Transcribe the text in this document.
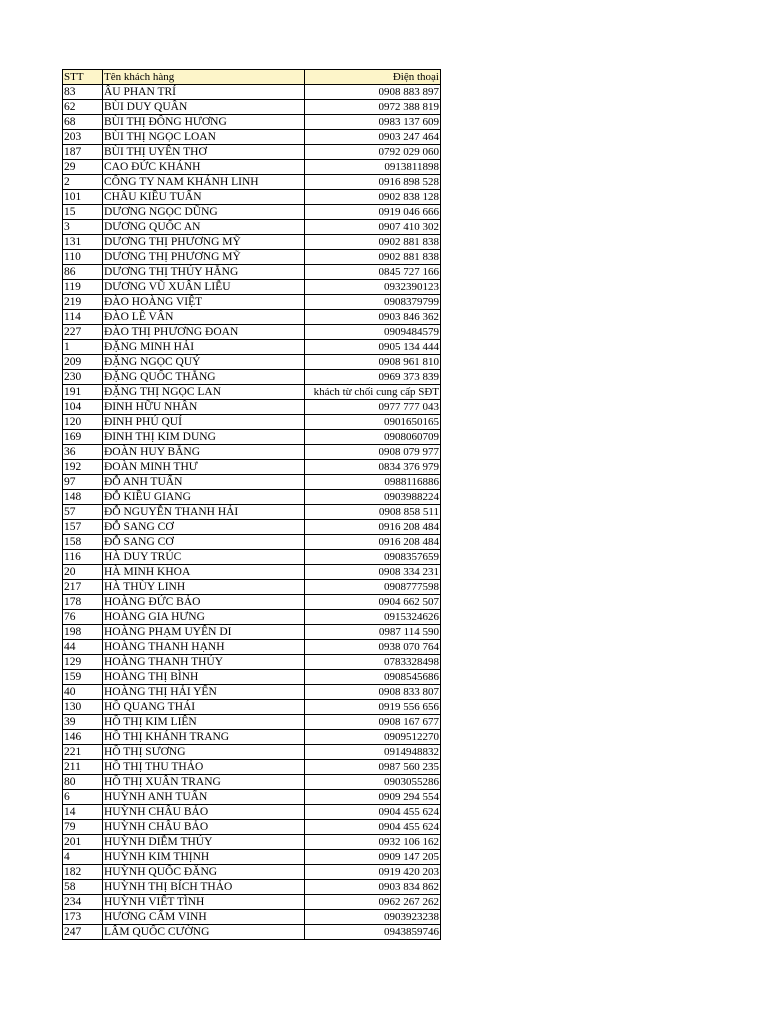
STT	Tên khách hàng	Điện thoại
83	ÂU PHAN TRÍ	0908 883 897
62	BÙI DUY QUÂN	0972 388 819
68	BÙI THỊ ĐÔNG HƯƠNG	0983 137 609
203	BÙI THỊ NGỌC LOAN	0903 247 464
187	BÙI THỊ UYÊN THƠ	0792 029 060
29	CAO ĐỨC KHÁNH	0913811898
2	CÔNG TY NAM KHÁNH LINH	0916 898 528
101	CHÂU KIỀU TUẤN	0902 838 128
15	DƯƠNG NGỌC DŨNG	0919 046 666
3	DƯƠNG QUỐC AN	0907 410 302
131	DƯƠNG THỊ PHƯƠNG MỸ	0902 881 838
110	DƯƠNG THỊ PHƯƠNG MỸ	0902 881 838
86	DƯƠNG THỊ THÚY HẰNG	0845 727 166
119	DƯƠNG VŨ XUÂN LIỄU	0932390123
219	ĐÀO HOÀNG VIỆT	0908379799
114	ĐÀO LÊ VÂN	0903 846 362
227	ĐÀO THỊ PHƯƠNG ĐOAN	0909484579
1	ĐẶNG MINH HẢI	0905 134 444
209	ĐẶNG NGỌC QUÝ	0908 961 810
230	ĐẶNG QUỐC THẮNG	0969 373 839
191	ĐẶNG THỊ NGỌC LAN	khách từ chối cung cấp SĐT
104	ĐINH HỮU NHÂN	0977 777 043
120	ĐINH PHÚ QUÍ	0901650165
169	ĐINH THỊ KIM DUNG	0908060709
36	ĐOÀN HUY BẰNG	0908 079 977
192	ĐOÀN MINH THƯ	0834 376 979
97	ĐỖ ANH TUẤN	0988116886
148	ĐỖ KIỀU GIANG	0903988224
57	ĐỖ NGUYỄN THANH HẢI	0908 858 511
157	ĐỖ SANG CƠ	0916 208 484
158	ĐỖ SANG CƠ	0916 208 484
116	HÀ DUY TRÚC	0908357659
20	HÀ MINH KHOA	0908 334 231
217	HÀ THÙY LINH	0908777598
178	HOÀNG ĐỨC BẢO	0904 662 507
76	HOÀNG GIA HƯNG	0915324626
198	HOÀNG PHẠM UYÊN DI	0987 114 590
44	HOÀNG THANH HẠNH	0938 070 764
129	HOÀNG THANH THÚY	0783328498
159	HOÀNG THỊ BÌNH	0908545686
40	HOÀNG THỊ HẢI YẾN	0908 833 807
130	HỒ QUANG THÁI	0919 556 656
39	HỒ THỊ KIM LIÊN	0908 167 677
146	HỒ THỊ KHÁNH TRANG	0909512270
221	HỒ THỊ SƯƠNG	0914948832
211	HỒ THỊ THU THẢO	0987 560 235
80	HỒ THỊ XUÂN TRANG	0903055286
6	HUỲNH ANH TUẤN	0909 294 554
14	HUỲNH CHÂU BẢO	0904 455 624
79	HUỲNH CHÂU BẢO	0904 455 624
201	HUỲNH DIỄM THÚY	0932 106 162
4	HUỲNH KIM THỊNH	0909 147 205
182	HUỲNH QUỐC ĐĂNG	0919 420 203
58	HUỲNH THỊ BÍCH THẢO	0903 834 862
234	HUỲNH VIẾT TÌNH	0962 267 262
173	HƯƠNG CẨM VINH	0903923238
247	LÂM QUỐC CƯỜNG	0943859746
